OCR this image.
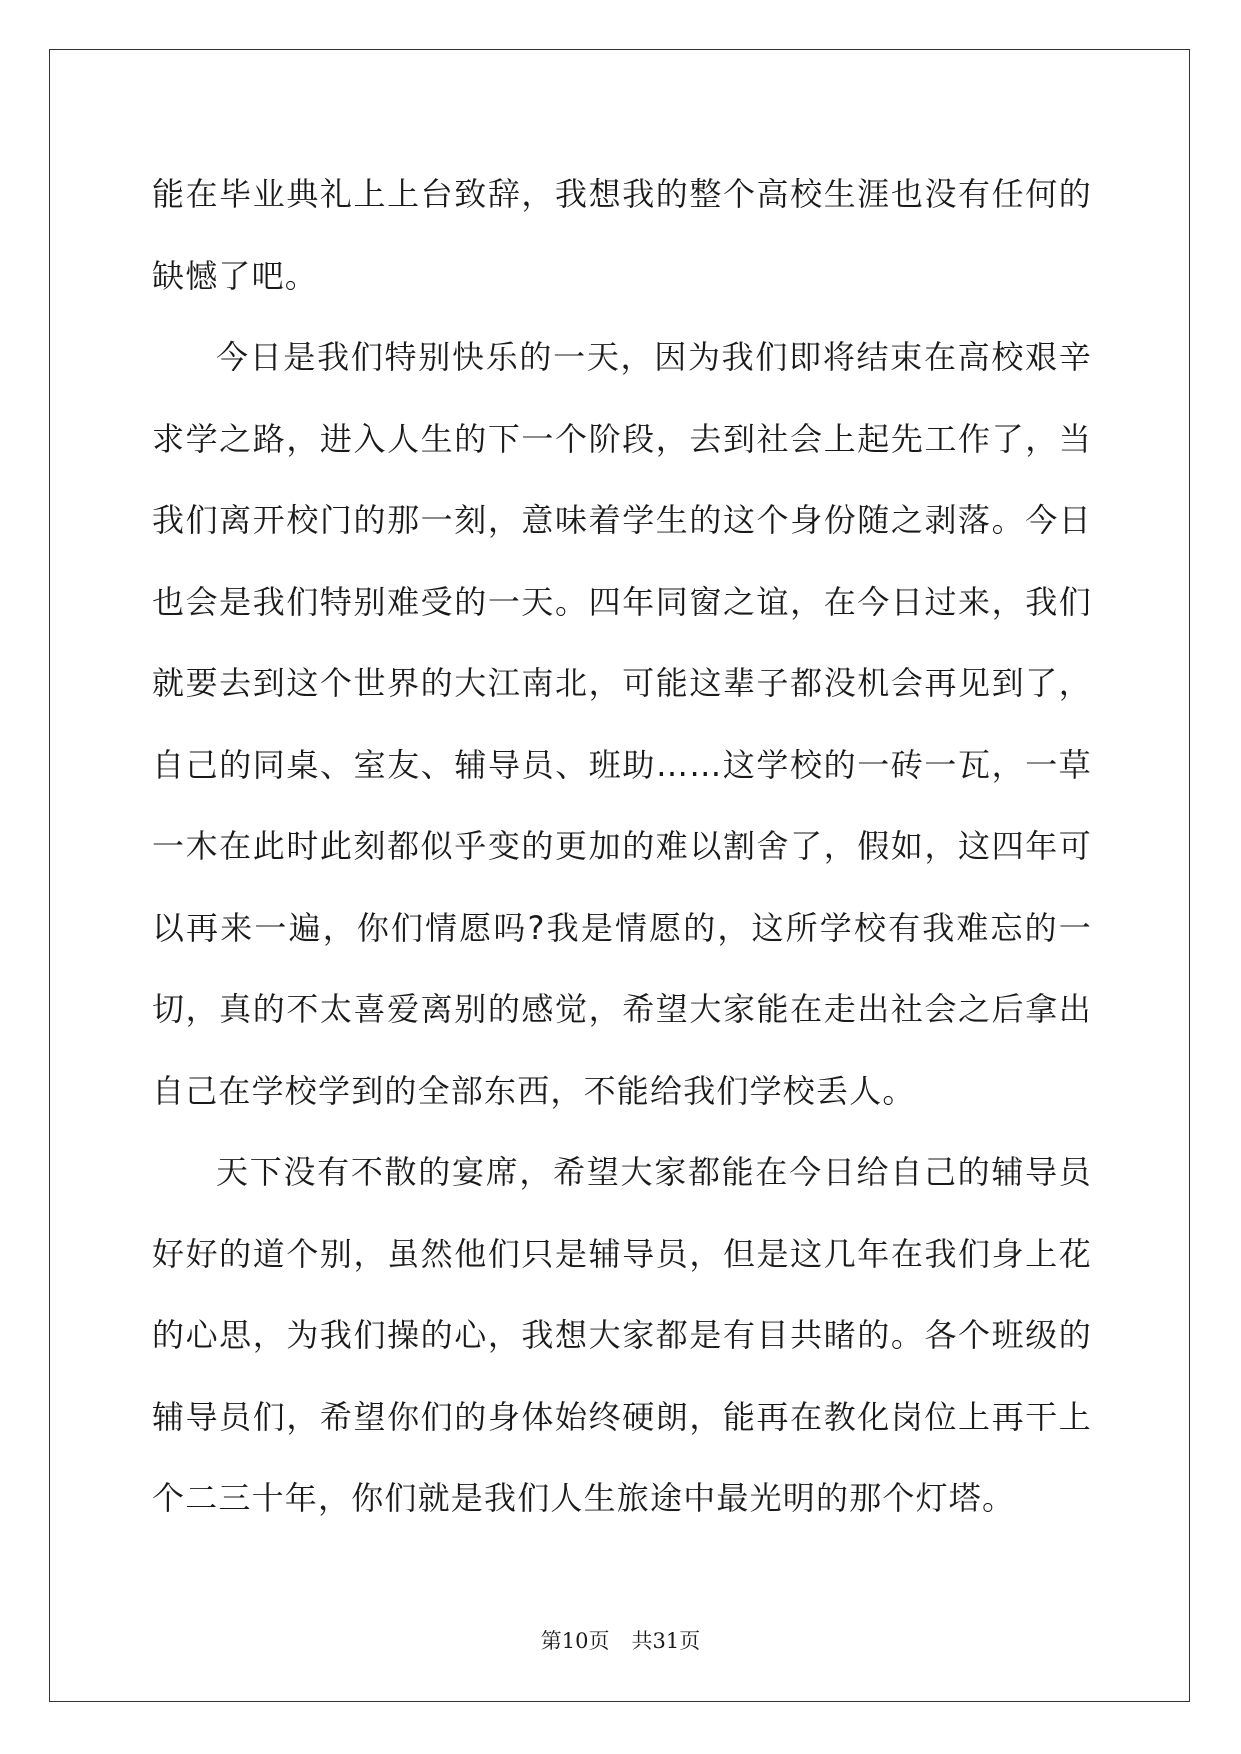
能在毕业典礼上上台致辞，我想我的整个高校生涯也没有任何的缺憾了吧。

今日是我们特别快乐的一天，因为我们即将结束在高校艰辛求学之路，进入人生的下一个阶段，去到社会上起先工作了，当我们离开校门的那一刻，意味着学生的这个身份随之剥落。今日也会是我们特别难受的一天。四年同窗之谊，在今日过来，我们就要去到这个世界的大江南北，可能这辈子都没机会再见到了，自己的同桌、室友、辅导员、班助……这学校的一砖一瓦，一草一木在此时此刻都似乎变的更加的难以割舍了，假如，这四年可以再来一遍，你们情愿吗?我是情愿的，这所学校有我难忘的一切，真的不太喜爱离别的感觉，希望大家能在走出社会之后拿出自己在学校学到的全部东西，不能给我们学校丢人。

天下没有不散的宴席，希望大家都能在今日给自己的辅导员好好的道个别，虽然他们只是辅导员，但是这几年在我们身上花的心思，为我们操的心，我想大家都是有目共睹的。各个班级的辅导员们，希望你们的身体始终硬朗，能再在教化岗位上再干上个二三十年，你们就是我们人生旅途中最光明的那个灯塔。

第10页 共31页
